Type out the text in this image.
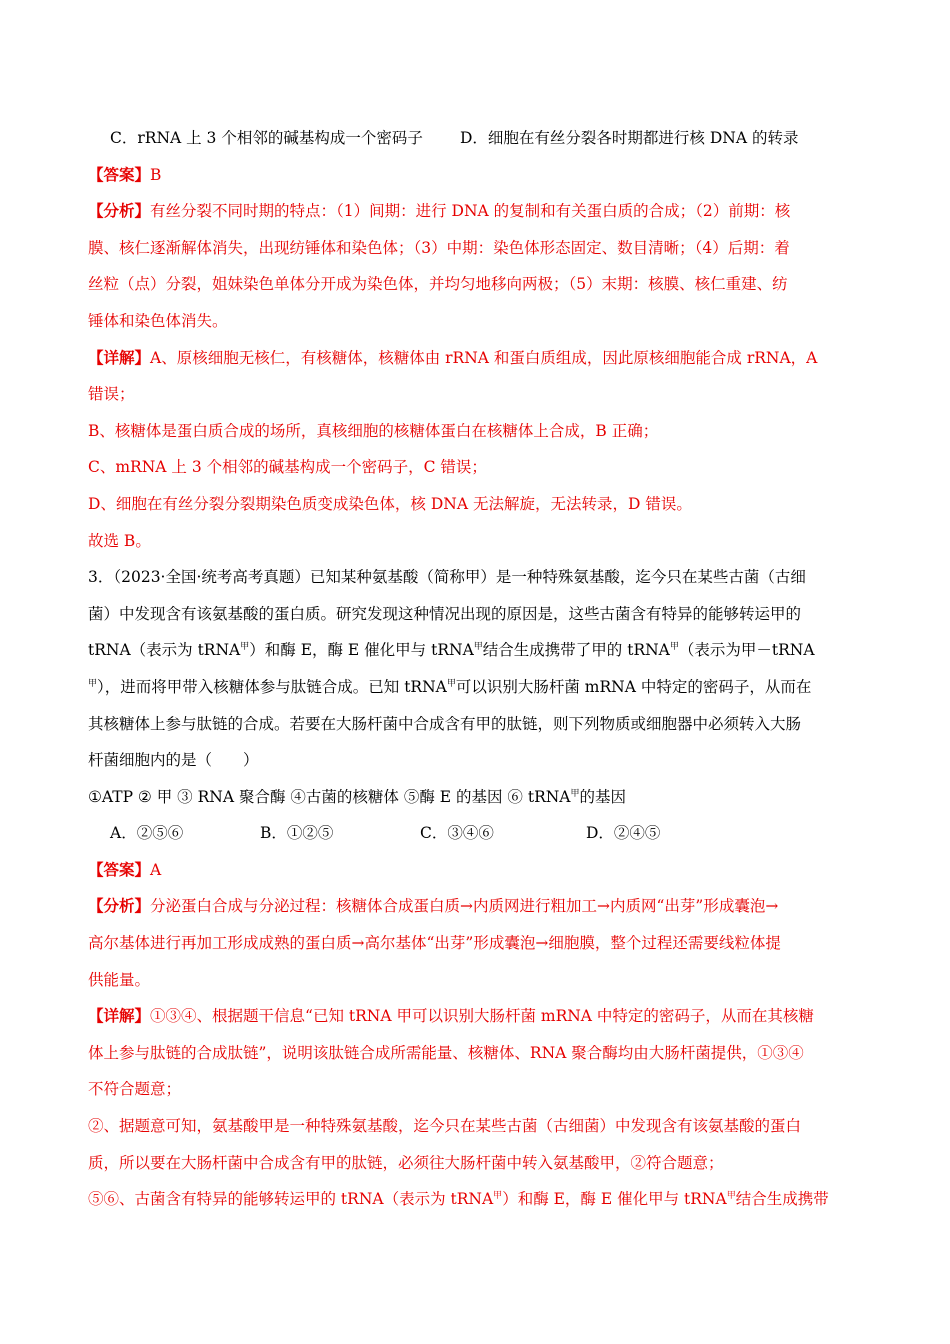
C．rRNA 上 3 个相邻的碱基构成一个密码子 D．细胞在有丝分裂各时期都进行核 DNA 的转录
【答案】B
【分析】有丝分裂不同时期的特点：（1）间期：进行 DNA 的复制和有关蛋白质的合成；（2）前期：核
膜、核仁逐渐解体消失，出现纺锤体和染色体；（3）中期：染色体形态固定、数目清晰；（4）后期：着
丝粒（点）分裂，姐妹染色单体分开成为染色体，并均匀地移向两极；（5）末期：核膜、核仁重建、纺
锤体和染色体消失。
【详解】A、原核细胞无核仁，有核糖体，核糖体由 rRNA 和蛋白质组成，因此原核细胞能合成 rRNA，A
错误；
B、核糖体是蛋白质合成的场所，真核细胞的核糖体蛋白在核糖体上合成，B 正确；
C、mRNA 上 3 个相邻的碱基构成一个密码子，C 错误；
D、细胞在有丝分裂分裂期染色质变成染色体，核 DNA 无法解旋，无法转录，D 错误。
故选 B。
3．（2023·全国·统考高考真题）已知某种氨基酸（简称甲）是一种特殊氨基酸，迄今只在某些古菌（古细
菌）中发现含有该氨基酸的蛋白质。研究发现这种情况出现的原因是，这些古菌含有特异的能够转运甲的
tRNA（表示为 tRNA$^甲$）和酶 E，酶 E 催化甲与 tRNA$^甲$结合生成携带了甲的 tRNA$^甲$（表示为甲－tRNA
$^甲$），进而将甲带入核糖体参与肽链合成。已知 tRNA$^甲$可以识别大肠杆菌 mRNA 中特定的密码子，从而在
其核糖体上参与肽链的合成。若要在大肠杆菌中合成含有甲的肽链，则下列物质或细胞器中必须转入大肠
杆菌细胞内的是（　　）
①ATP ② 甲 ③ RNA 聚合酶 ④古菌的核糖体 ⑤酶 E 的基因 ⑥ tRNA$^甲$的基因
A．②⑤⑥	B．①②⑤	C．③④⑥	D．②④⑤
【答案】A
【分析】分泌蛋白合成与分泌过程：核糖体合成蛋白质→内质网进行粗加工→内质网“出芽”形成囊泡→
高尔基体进行再加工形成成熟的蛋白质→高尔基体“出芽”形成囊泡→细胞膜，整个过程还需要线粒体提
供能量。
【详解】①③④、根据题干信息“已知 tRNA 甲可以识别大肠杆菌 mRNA 中特定的密码子，从而在其核糖
体上参与肽链的合成肽链”，说明该肽链合成所需能量、核糖体、RNA 聚合酶均由大肠杆菌提供，①③④
不符合题意；
②、据题意可知，氨基酸甲是一种特殊氨基酸，迄今只在某些古菌（古细菌）中发现含有该氨基酸的蛋白
质，所以要在大肠杆菌中合成含有甲的肽链，必须往大肠杆菌中转入氨基酸甲，②符合题意；
⑤⑥、古菌含有特异的能够转运甲的 tRNA（表示为 tRNA$^甲$）和酶 E，酶 E 催化甲与 tRNA$^甲$结合生成携带
